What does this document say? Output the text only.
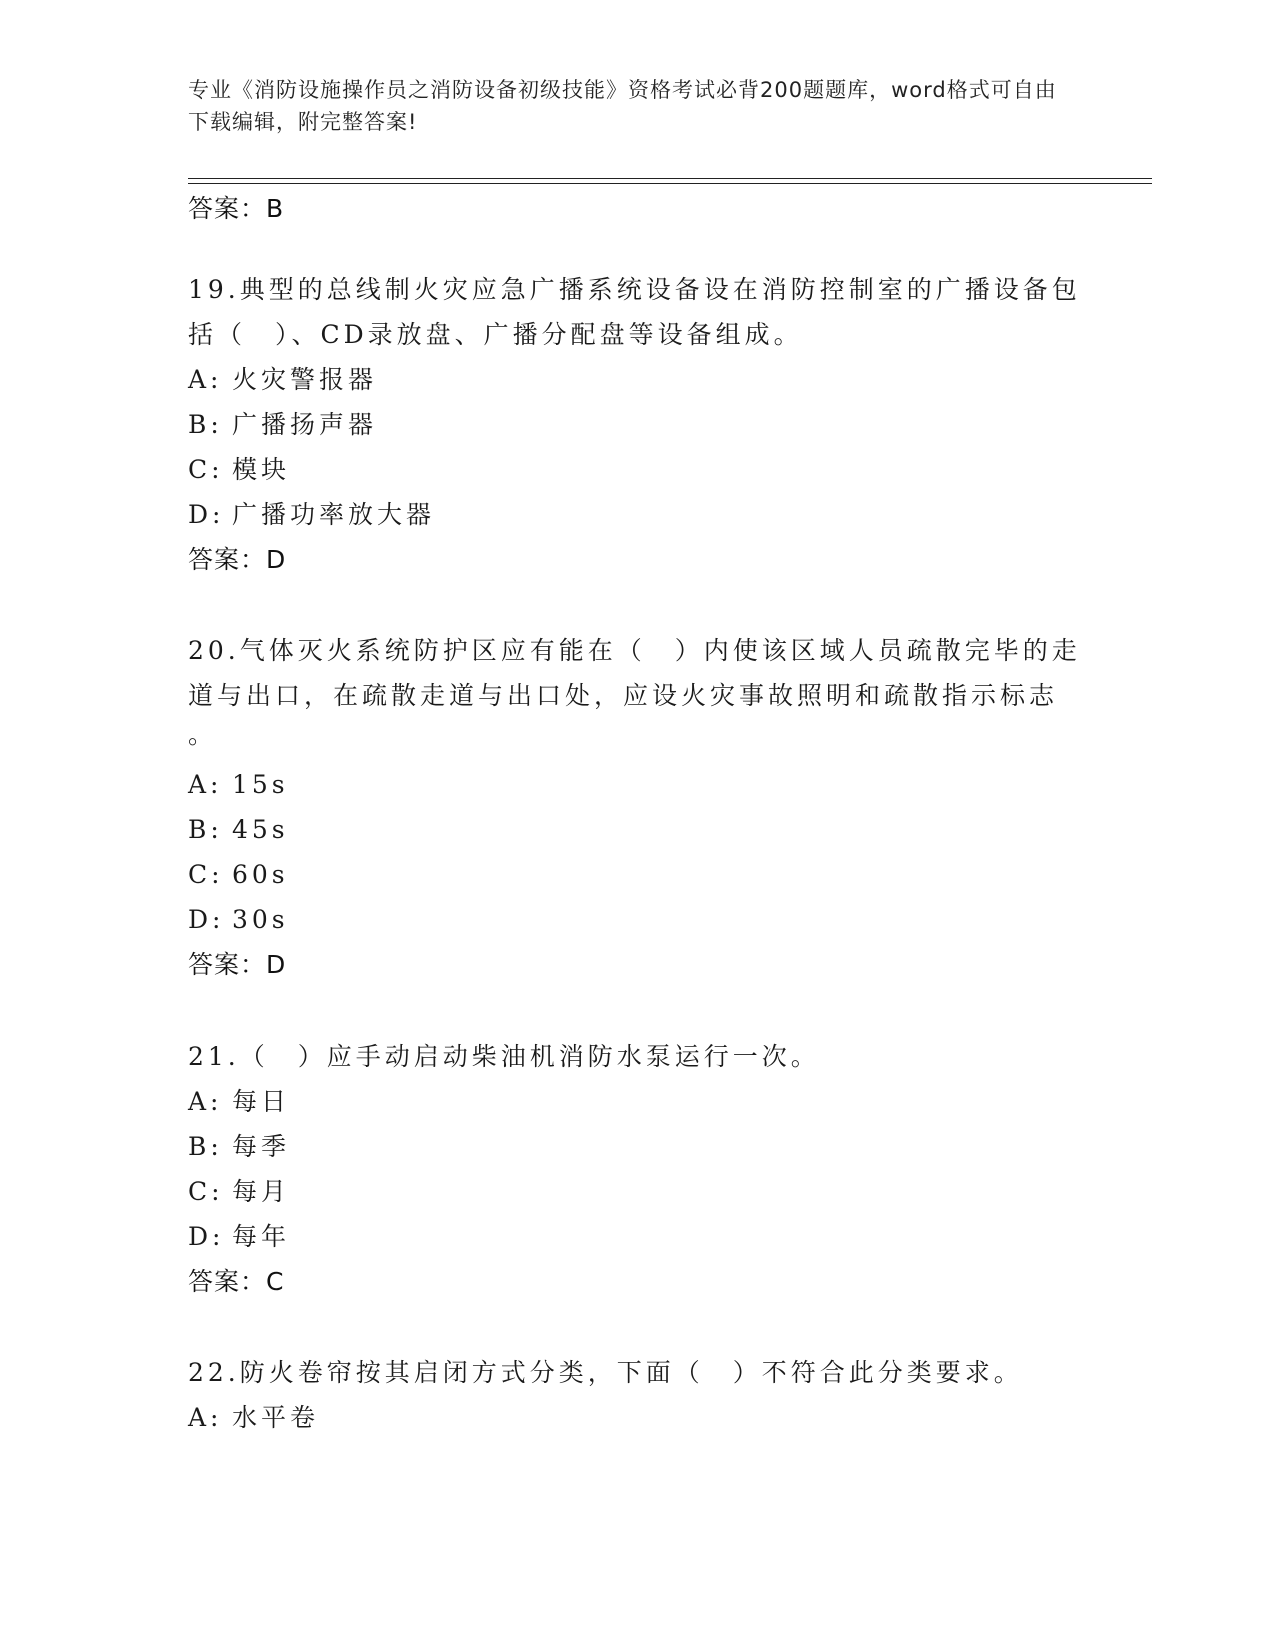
专业《消防设施操作员之消防设备初级技能》资格考试必背200题题库，word格式可自由下载编辑，附完整答案!
答案：B
19.典型的总线制火灾应急广播系统设备设在消防控制室的广播设备包
括（　）、CD录放盘、广播分配盘等设备组成。
A: 火灾警报器
B: 广播扬声器
C: 模块
D: 广播功率放大器
答案：D
20.气体灭火系统防护区应有能在（　）内使该区域人员疏散完毕的走
道与出口，在疏散走道与出口处，应设火灾事故照明和疏散指示标志
。
A: 15s
B: 45s
C: 60s
D: 30s
答案：D
21.（　）应手动启动柴油机消防水泵运行一次。
A: 每日
B: 每季
C: 每月
D: 每年
答案：C
22.防火卷帘按其启闭方式分类，下面（　）不符合此分类要求。
A: 水平卷
